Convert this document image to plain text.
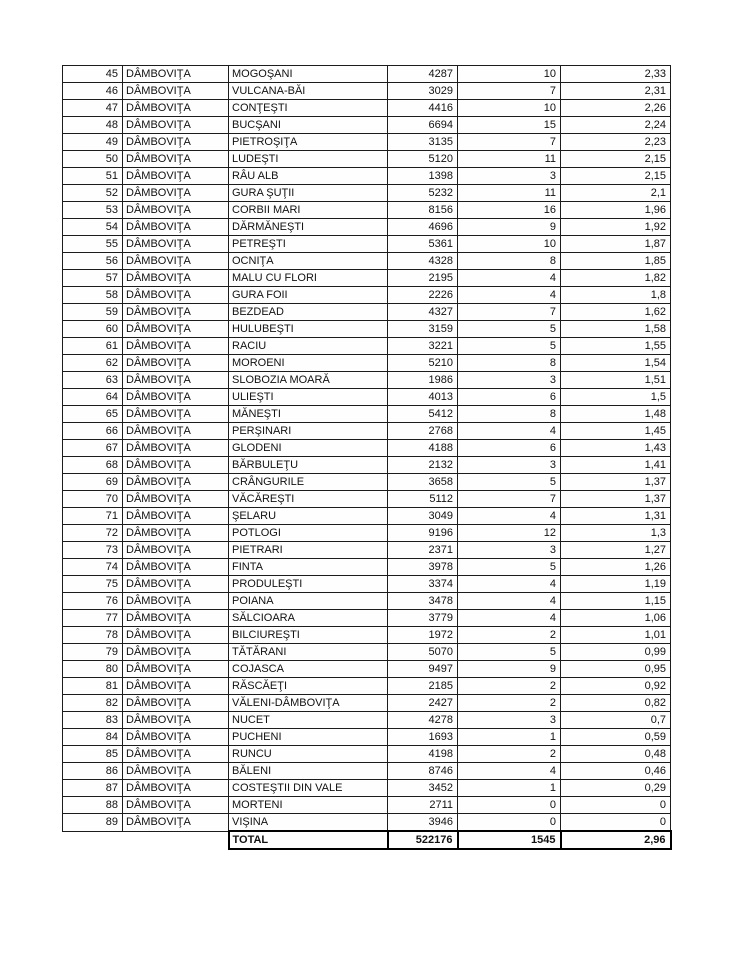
45	DÂMBOVIŢA	MOGOŞANI	4287	10	2,33
46	DÂMBOVIŢA	VULCANA-BĂI	3029	7	2,31
47	DÂMBOVIŢA	CONŢEŞTI	4416	10	2,26
48	DÂMBOVIŢA	BUCŞANI	6694	15	2,24
49	DÂMBOVIŢA	PIETROŞIŢA	3135	7	2,23
50	DÂMBOVIŢA	LUDEŞTI	5120	11	2,15
51	DÂMBOVIŢA	RÂU ALB	1398	3	2,15
52	DÂMBOVIŢA	GURA ŞUŢII	5232	11	2,1
53	DÂMBOVIŢA	CORBII MARI	8156	16	1,96
54	DÂMBOVIŢA	DĂRMĂNEŞTI	4696	9	1,92
55	DÂMBOVIŢA	PETREŞTI	5361	10	1,87
56	DÂMBOVIŢA	OCNIŢA	4328	8	1,85
57	DÂMBOVIŢA	MALU CU FLORI	2195	4	1,82
58	DÂMBOVIŢA	GURA FOII	2226	4	1,8
59	DÂMBOVIŢA	BEZDEAD	4327	7	1,62
60	DÂMBOVIŢA	HULUBEŞTI	3159	5	1,58
61	DÂMBOVIŢA	RACIU	3221	5	1,55
62	DÂMBOVIŢA	MOROENI	5210	8	1,54
63	DÂMBOVIŢA	SLOBOZIA MOARĂ	1986	3	1,51
64	DÂMBOVIŢA	ULIEŞTI	4013	6	1,5
65	DÂMBOVIŢA	MĂNEŞTI	5412	8	1,48
66	DÂMBOVIŢA	PERŞINARI	2768	4	1,45
67	DÂMBOVIŢA	GLODENI	4188	6	1,43
68	DÂMBOVIŢA	BĂRBULEŢU	2132	3	1,41
69	DÂMBOVIŢA	CRÂNGURILE	3658	5	1,37
70	DÂMBOVIŢA	VĂCĂREŞTI	5112	7	1,37
71	DÂMBOVIŢA	ŞELARU	3049	4	1,31
72	DÂMBOVIŢA	POTLOGI	9196	12	1,3
73	DÂMBOVIŢA	PIETRARI	2371	3	1,27
74	DÂMBOVIŢA	FINTA	3978	5	1,26
75	DÂMBOVIŢA	PRODULEŞTI	3374	4	1,19
76	DÂMBOVIŢA	POIANA	3478	4	1,15
77	DÂMBOVIŢA	SĂLCIOARA	3779	4	1,06
78	DÂMBOVIŢA	BILCIUREŞTI	1972	2	1,01
79	DÂMBOVIŢA	TĂTĂRANI	5070	5	0,99
80	DÂMBOVIŢA	COJASCA	9497	9	0,95
81	DÂMBOVIŢA	RĂSCĂEŢI	2185	2	0,92
82	DÂMBOVIŢA	VĂLENI-DÂMBOVIŢA	2427	2	0,82
83	DÂMBOVIŢA	NUCET	4278	3	0,7
84	DÂMBOVIŢA	PUCHENI	1693	1	0,59
85	DÂMBOVIŢA	RUNCU	4198	2	0,48
86	DÂMBOVIŢA	BĂLENI	8746	4	0,46
87	DÂMBOVIŢA	COSTEŞTII DIN VALE	3452	1	0,29
88	DÂMBOVIŢA	MORTENI	2711	0	0
89	DÂMBOVIŢA	VIŞINA	3946	0	0
		TOTAL	522176	1545	2,96
